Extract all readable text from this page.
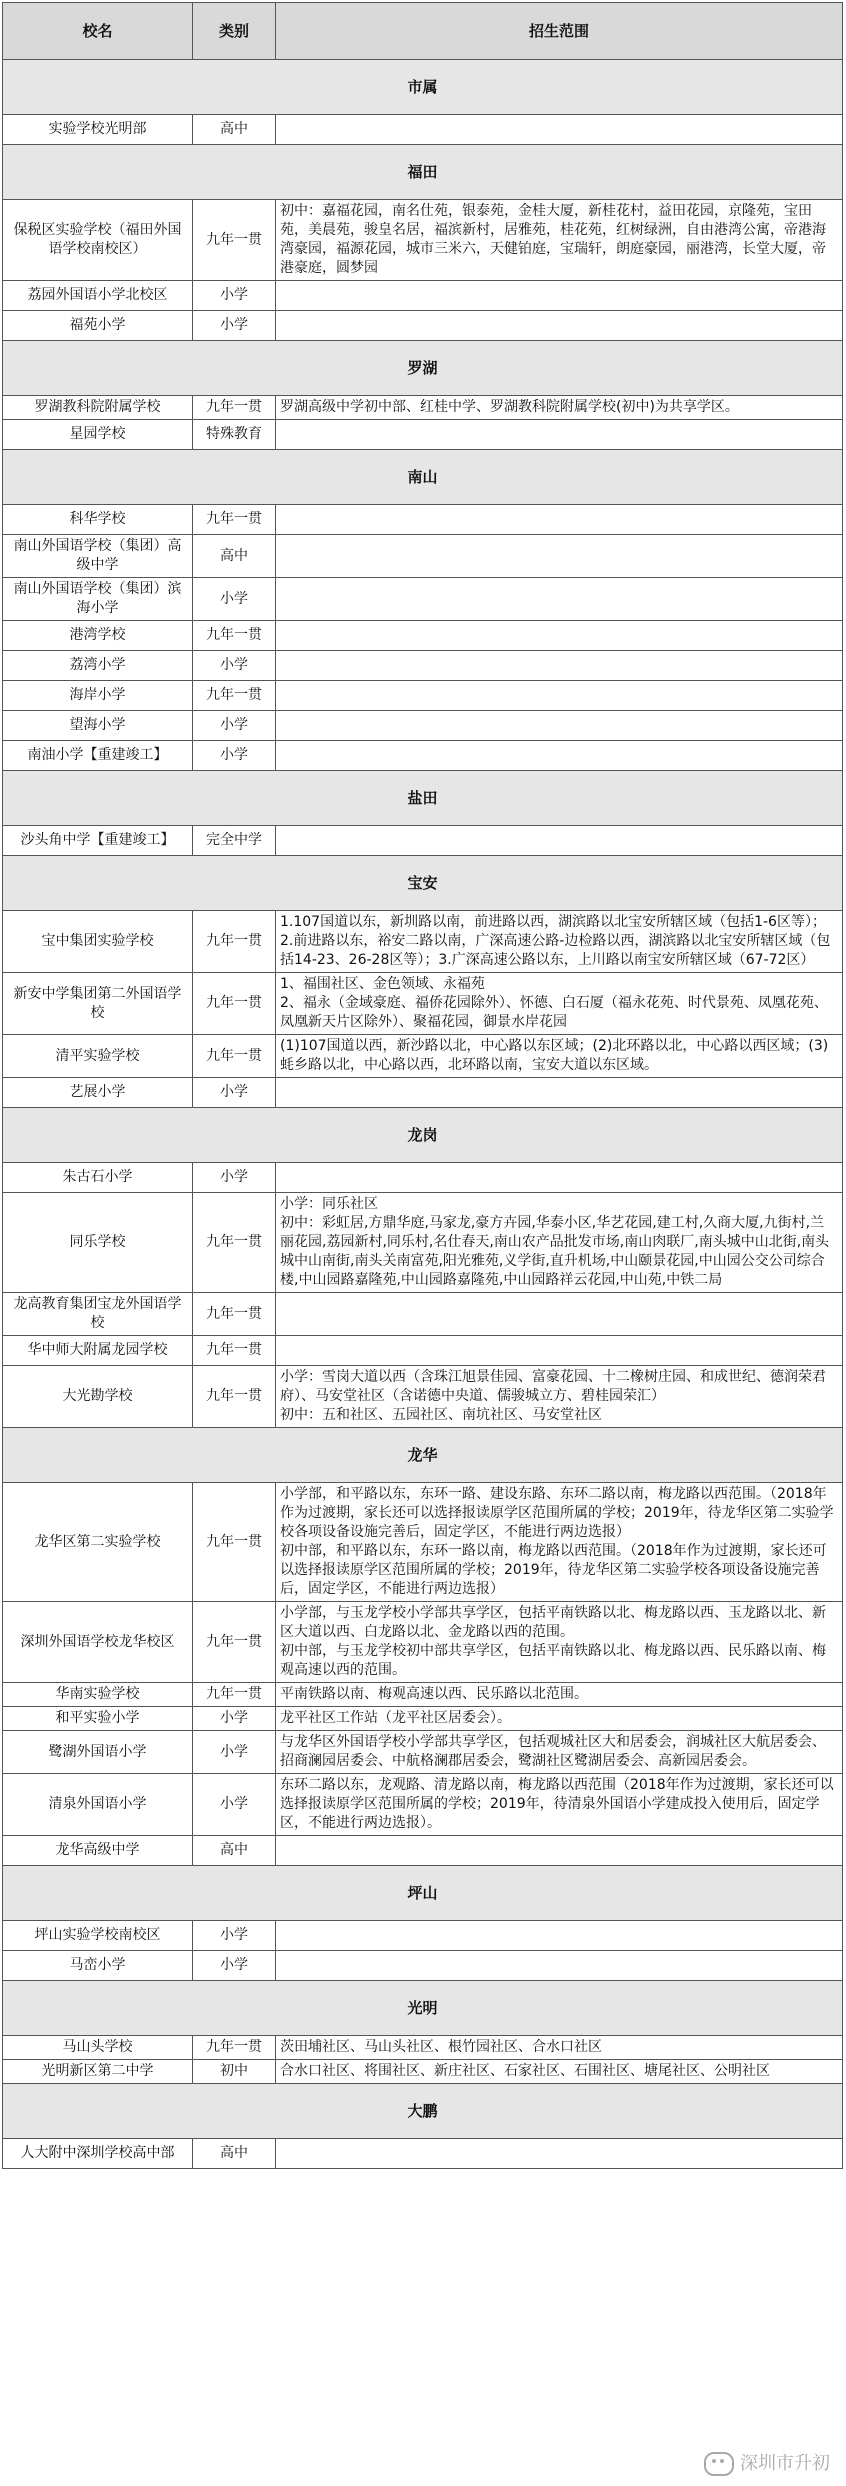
校名	类别	招生范围
市属		
实验学校光明部	高中	

福田		
保税区实验学校（福田外国语学校南校区）	九年一贯	初中：嘉福花园，南名仕苑，银泰苑，金桂大厦，新桂花村，益田花园，京隆苑，宝田苑，美晨苑，骏皇名居，福滨新村，居雅苑，桂花苑，红树绿洲，自由港湾公寓，帝港海湾豪园，福源花园，城市三米六，天健铂庭，宝瑞轩，朗庭豪园，丽港湾，长堂大厦，帝港豪庭，圆梦园

荔园外国语小学北校区	小学	

福苑小学	小学	

罗湖		
罗湖教科院附属学校	九年一贯	罗湖高级中学初中部、红桂中学、罗湖教科院附属学校(初中)为共享学区。

星园学校	特殊教育	

南山		
科华学校	九年一贯	

南山外国语学校（集团）高级中学	高中	

南山外国语学校（集团）滨海小学	小学	

港湾学校	九年一贯	

荔湾小学	小学	

海岸小学	九年一贯	

望海小学	小学	

南油小学【重建竣工】	小学	

盐田		
沙头角中学【重建竣工】	完全中学	

宝安		
宝中集团实验学校	九年一贯	1.107国道以东，新圳路以南，前进路以西，湖滨路以北宝安所辖区域（包括1-6区等）；2.前进路以东，裕安二路以南，广深高速公路-边检路以西，湖滨路以北宝安所辖区域（包括14-23、26-28区等）；3.广深高速公路以东，上川路以南宝安所辖区域（67-72区）

新安中学集团第二外国语学校	九年一贯	1、福围社区、金色领域、永福苑
2、福永（金域豪庭、福侨花园除外）、怀德、白石厦（福永花苑、时代景苑、凤凰花苑、凤凰新天片区除外）、聚福花园，御景水岸花园

清平实验学校	九年一贯	(1)107国道以西，新沙路以北，中心路以东区域；(2)北环路以北，中心路以西区域；(3)蚝乡路以北，中心路以西，北环路以南，宝安大道以东区域。

艺展小学	小学	

龙岗		
朱古石小学	小学	

同乐学校	九年一贯	小学：同乐社区
初中：彩虹居,方鼎华庭,马家龙,豪方卉园,华泰小区,华艺花园,建工村,久商大厦,九街村,兰丽花园,荔园新村,同乐村,名仕春天,南山农产品批发市场,南山肉联厂,南头城中山北街,南头城中山南街,南头关南富苑,阳光雅苑,义学街,直升机场,中山颐景花园,中山园公交公司综合楼,中山园路嘉隆苑,中山园路嘉隆苑,中山园路祥云花园,中山苑,中铁二局

龙高教育集团宝龙外国语学校	九年一贯	

华中师大附属龙园学校	九年一贯	

大光勘学校	九年一贯	小学：雪岗大道以西（含珠江旭景佳园、富豪花园、十二橡树庄园、和成世纪、德润荣君府）、马安堂社区（含诺德中央道、儒骏城立方、碧桂园荣汇）
初中：五和社区、五园社区、南坑社区、马安堂社区

龙华		
龙华区第二实验学校	九年一贯	小学部，和平路以东，东环一路、建设东路、东环二路以南，梅龙路以西范围。（2018年作为过渡期，家长还可以选择报读原学区范围所属的学校；2019年，待龙华区第二实验学校各项设备设施完善后，固定学区，不能进行两边选报）
初中部，和平路以东，东环一路以南，梅龙路以西范围。（2018年作为过渡期，家长还可以选择报读原学区范围所属的学校；2019年，待龙华区第二实验学校各项设备设施完善后，固定学区，不能进行两边选报）

深圳外国语学校龙华校区	九年一贯	小学部，与玉龙学校小学部共享学区，包括平南铁路以北、梅龙路以西、玉龙路以北、新区大道以西、白龙路以北、金龙路以西的范围。
初中部，与玉龙学校初中部共享学区，包括平南铁路以北、梅龙路以西、民乐路以南、梅观高速以西的范围。

华南实验学校	九年一贯	平南铁路以南、梅观高速以西、民乐路以北范围。

和平实验小学	小学	龙平社区工作站（龙平社区居委会）。

鹭湖外国语小学	小学	与龙华区外国语学校小学部共享学区，包括观城社区大和居委会，润城社区大航居委会、招商澜园居委会、中航格澜郡居委会，鹭湖社区鹭湖居委会、高新园居委会。

清泉外国语小学	小学	东环二路以东，龙观路、清龙路以南，梅龙路以西范围（2018年作为过渡期，家长还可以选择报读原学区范围所属的学校；2019年，待清泉外国语小学建成投入使用后，固定学区，不能进行两边选报）。

龙华高级中学	高中	

坪山		
坪山实验学校南校区	小学	

马峦小学	小学	

光明		
马山头学校	九年一贯	茨田埔社区、马山头社区、根竹园社区、合水口社区

光明新区第二中学	初中	合水口社区、将围社区、新庄社区、石家社区、石围社区、塘尾社区、公明社区

大鹏		
人大附中深圳学校高中部	高中	
深圳市升初
